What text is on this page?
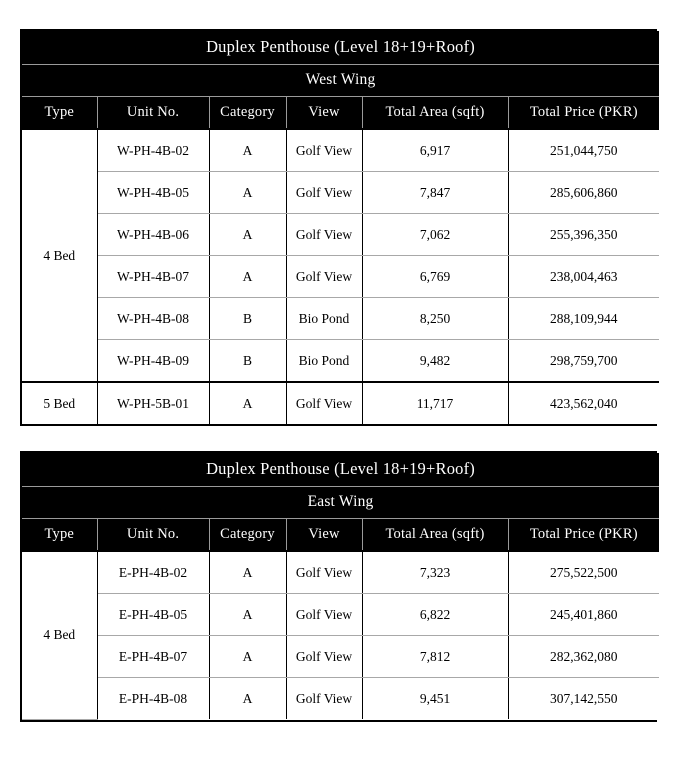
Duplex Penthouse (Level 18+19+Roof)					
West Wing					
Type	Unit No.	Category	View	Total Area (sqft)	Total Price (PKR)
4 Bed	W-PH-4B-02	A	Golf View	6,917	251,044,750
	W-PH-4B-05	A	Golf View	7,847	285,606,860
	W-PH-4B-06	A	Golf View	7,062	255,396,350
	W-PH-4B-07	A	Golf View	6,769	238,004,463
	W-PH-4B-08	B	Bio Pond	8,250	288,109,944
	W-PH-4B-09	B	Bio Pond	9,482	298,759,700
5 Bed	W-PH-5B-01	A	Golf View	11,717	423,562,040
Duplex Penthouse (Level 18+19+Roof)					
East Wing					
Type	Unit No.	Category	View	Total Area (sqft)	Total Price (PKR)
4 Bed	E-PH-4B-02	A	Golf View	7,323	275,522,500
	E-PH-4B-05	A	Golf View	6,822	245,401,860
	E-PH-4B-07	A	Golf View	7,812	282,362,080
	E-PH-4B-08	A	Golf View	9,451	307,142,550
